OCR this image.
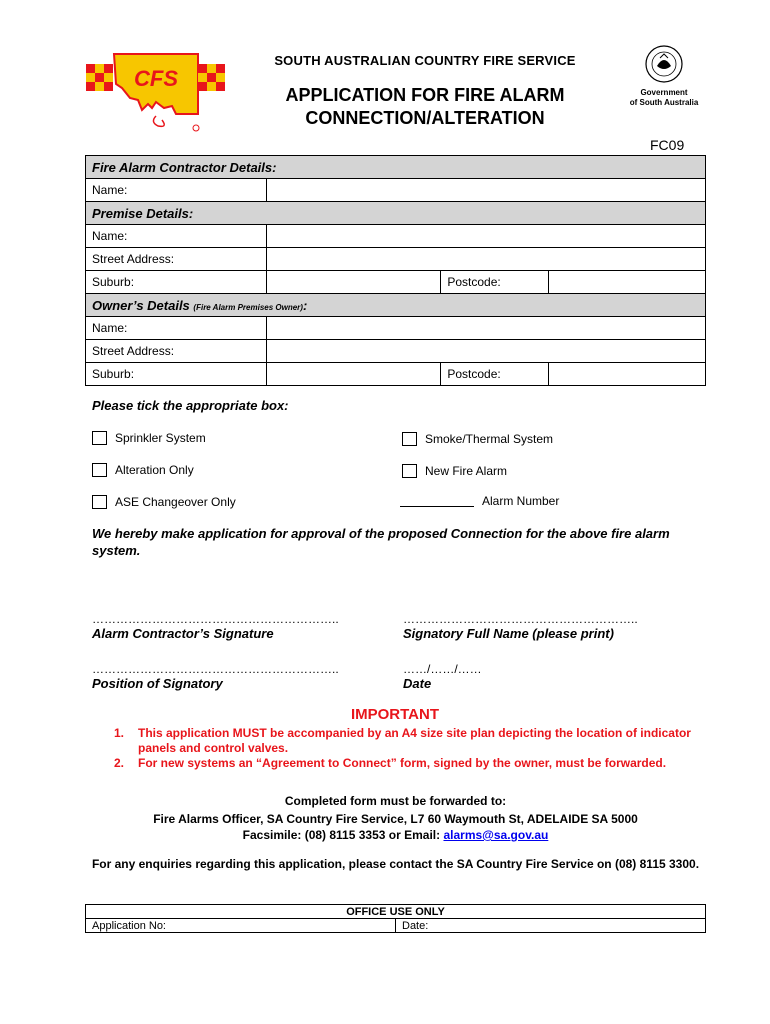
CFS
SOUTH AUSTRALIAN COUNTRY FIRE SERVICE
APPLICATION FOR FIRE ALARM
CONNECTION/ALTERATION
Government
of South Australia
FC09
Fire Alarm Contractor Details:			
Name:			
Premise Details:			
Name:			
Street Address:			
Suburb:		Postcode:	
Owner’s Details (Fire Alarm Premises Owner):			
Name:			
Street Address:			
Suburb:		Postcode:	
Please tick the appropriate box:
Sprinkler System	Smoke/Thermal System
Alteration Only	New Fire Alarm
ASE Changeover Only	Alarm Number
We hereby make application for approval of the proposed Connection for the above fire alarm system.
……………………………………………………..	…………………………………………………..
Alarm Contractor’s Signature	Signatory Full Name (please print)
……………………………………………………..	……/……/……
Position of Signatory	Date
IMPORTANT
1.	This application MUST be accompanied by an A4 size site plan depicting the location of indicator panels and control valves.
2.	For new systems an “Agreement to Connect” form, signed by the owner, must be forwarded.
Completed form must be forwarded to:
Fire Alarms Officer, SA Country Fire Service, L7 60 Waymouth St, ADELAIDE SA 5000
Facsimile: (08) 8115 3353 or Email: alarms@sa.gov.au
For any enquiries regarding this application, please contact the SA Country Fire Service on (08) 8115 3300.
OFFICE USE ONLY
Application No:	Date:
